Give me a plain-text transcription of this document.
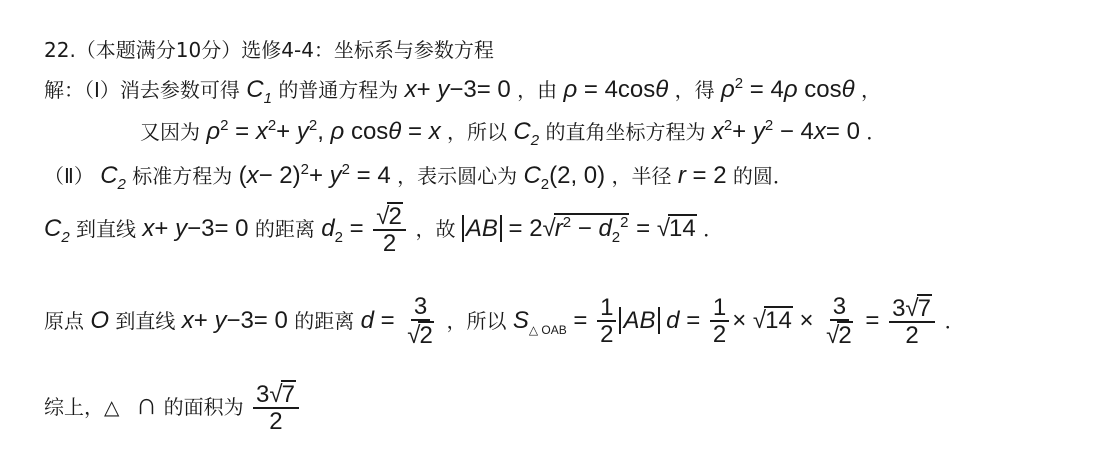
22.（本题满分10分）选修4-4：坐标系与参数方程
解：（Ⅰ）消去参数可得 $C_1$ 的普通方程为 x+ y−3= 0 ，由 ρ = 4cosθ ，得 $\rho^2 = 4\rho$ cosθ ，
又因为 $\rho^2 = x^2+ y^2$, ρ cosθ = x ，所以 $C_2$ 的直角坐标方程为 $x^2+ y^2 - 4x= 0$ ．
（Ⅱ） $C_2$ 标准方程为 $(x- 2)^2+ y^2 = 4$ ，表示圆心为 $C_2(2$, 0) ，半径 r = 2 的圆．
$C_2$ 到直线 x+ y−3= 0 的距离 $d_2 = \frac{√2}{2}$ ，故 AB = $2√r^2 - d_2^2 = √14$ ．
原点 O 到直线 x+ y−3= 0 的距离 $d = \frac{3}{√2}$ ，所以 $S_{\triangle OAB} = \frac{1}{2}$ AB $d = \frac{1}{2} \times √14 \times \frac{3}{√2} = \frac{3√7}{2}$ ．
综上，△ ∩ 的面积为 $\frac{3√7}{2}$
